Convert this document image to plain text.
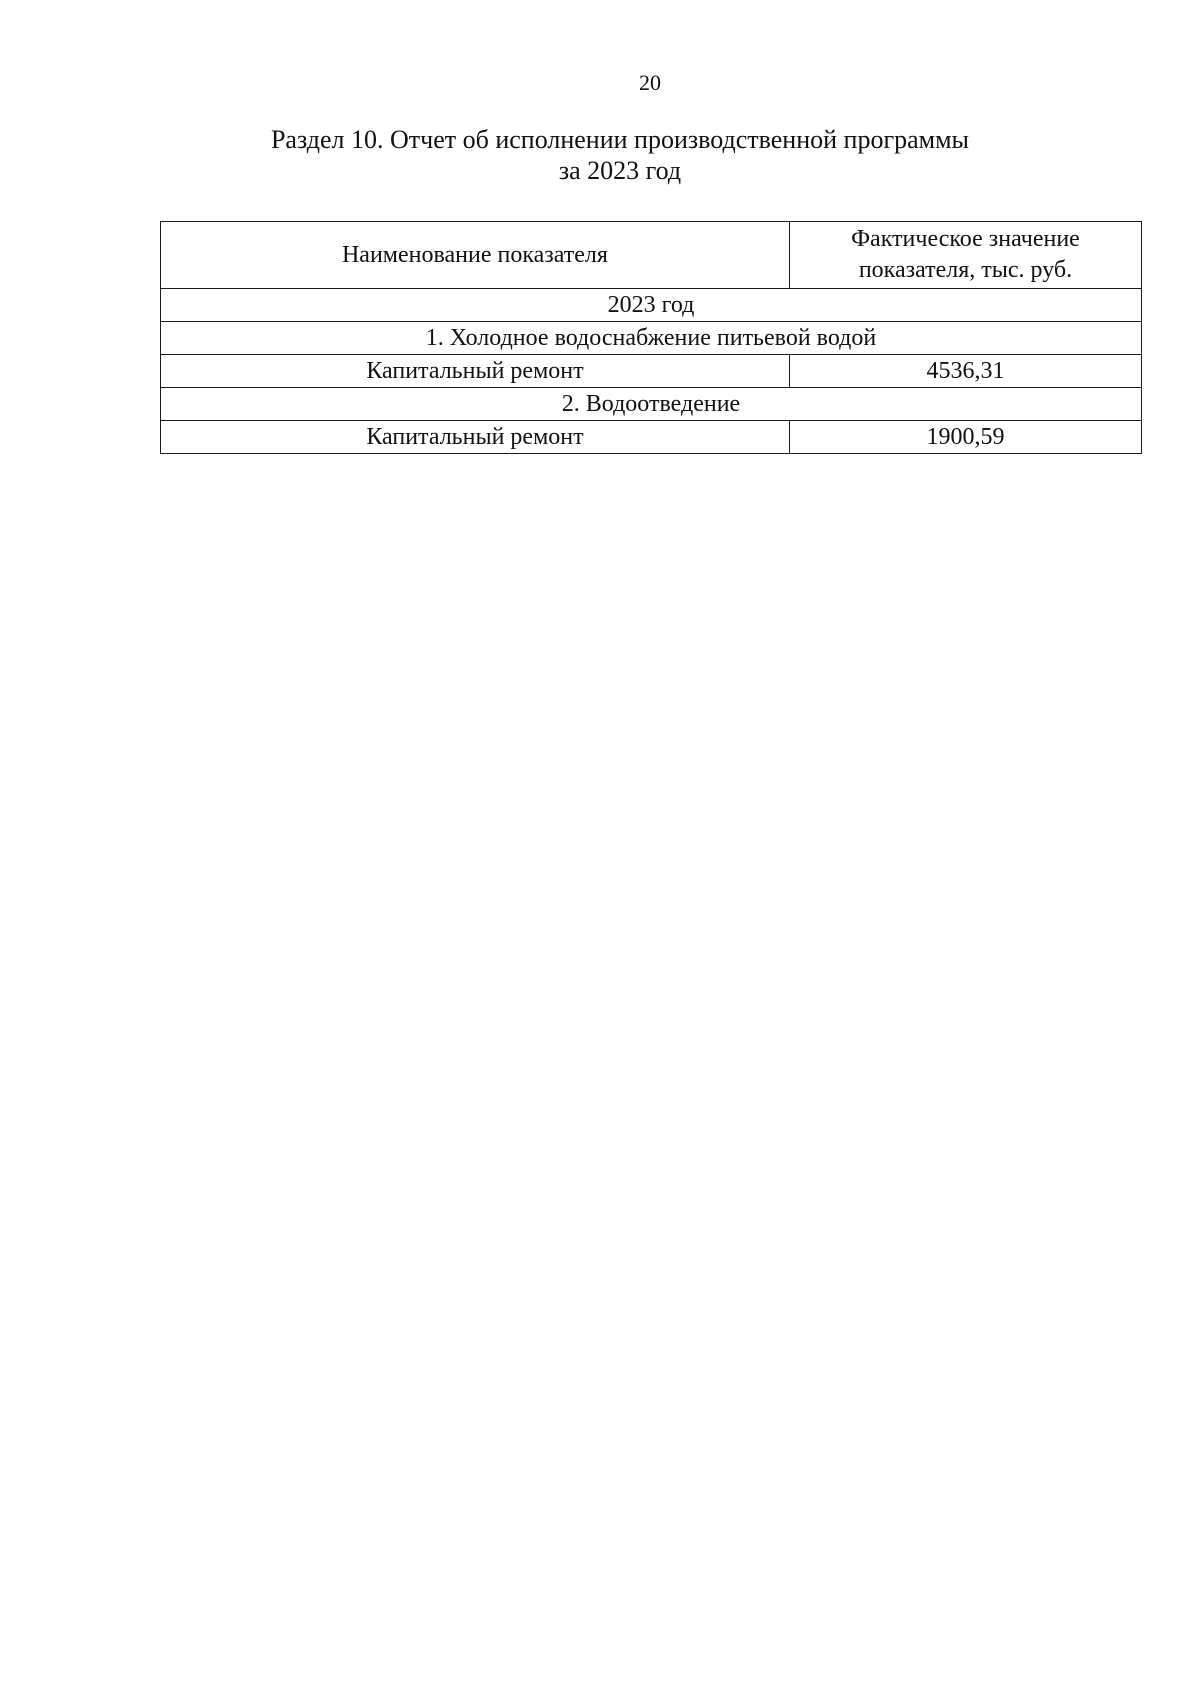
20
Раздел 10. Отчет об исполнении производственной программы
за 2023 год
Наименование показателя	Фактическое значение показателя, тыс. руб.
2023 год	
1. Холодное водоснабжение питьевой водой	
Капитальный ремонт	4536,31
2. Водоотведение	
Капитальный ремонт	1900,59
